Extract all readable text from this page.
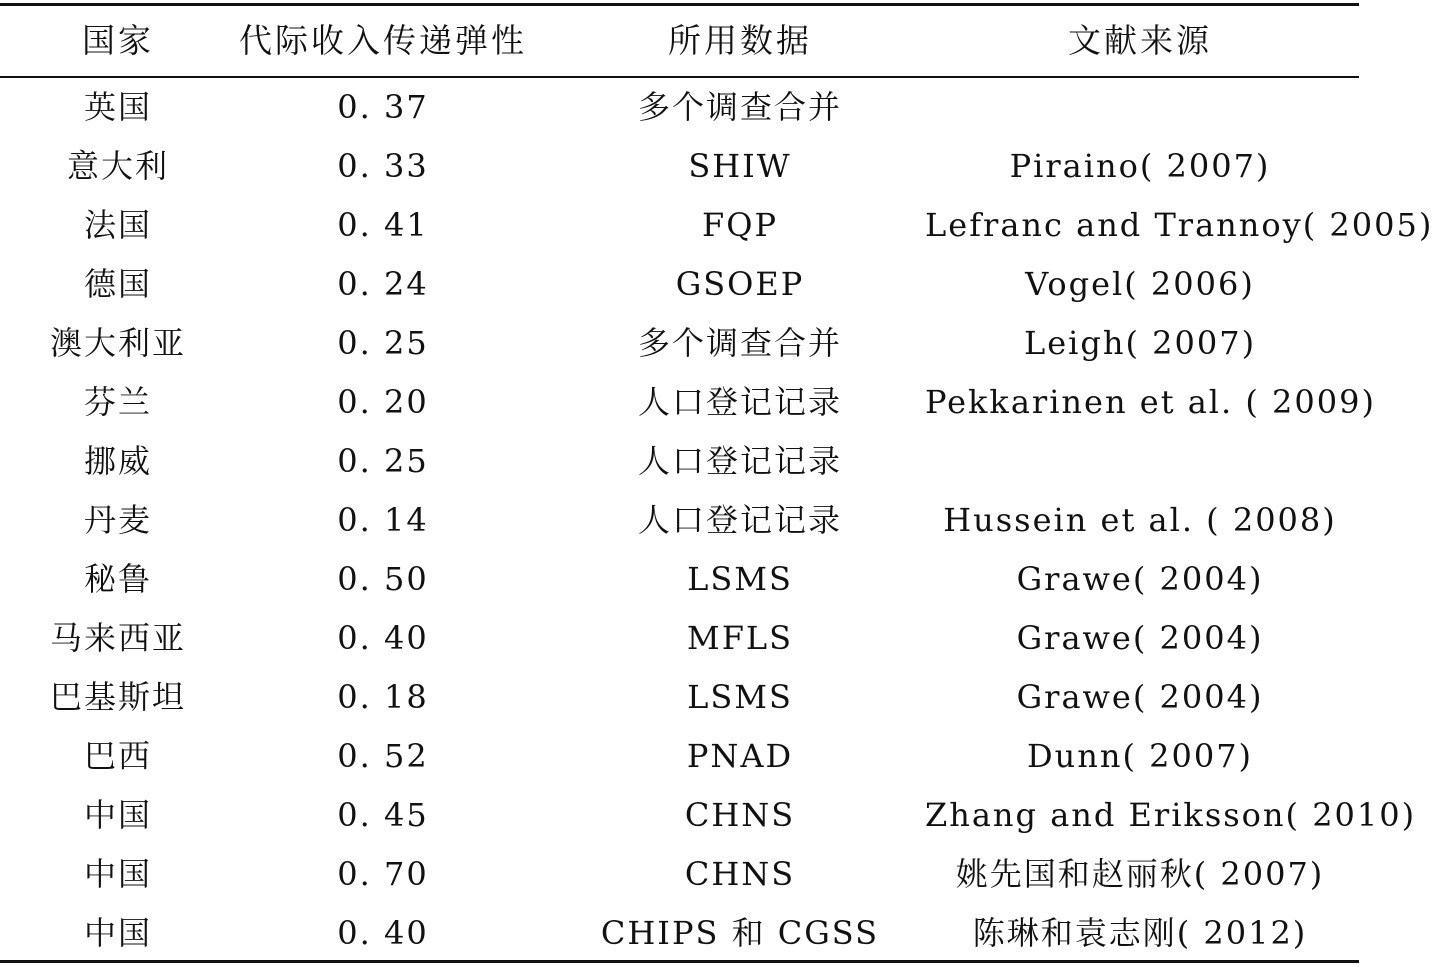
国家	代际收入传递弹性	所用数据	文献来源
英国	0. 37	多个调查合并
意大利	0. 33	SHIW	Piraino( 2007)
法国	0. 41	FQP	Lefranc and Trannoy( 2005)
德国	0. 24	GSOEP	Vogel( 2006)
澳大利亚	0. 25	多个调查合并	Leigh( 2007)
芬兰	0. 20	人口登记记录	Pekkarinen et al. ( 2009)
挪威	0. 25	人口登记记录
丹麦	0. 14	人口登记记录	Hussein et al. ( 2008)
秘鲁	0. 50	LSMS	Grawe( 2004)
马来西亚	0. 40	MFLS	Grawe( 2004)
巴基斯坦	0. 18	LSMS	Grawe( 2004)
巴西	0. 52	PNAD	Dunn( 2007)
中国	0. 45	CHNS	Zhang and Eriksson( 2010)
中国	0. 70	CHNS	姚先国和赵丽秋( 2007)
中国	0. 40	CHIPS 和 CGSS	陈琳和袁志刚( 2012)
